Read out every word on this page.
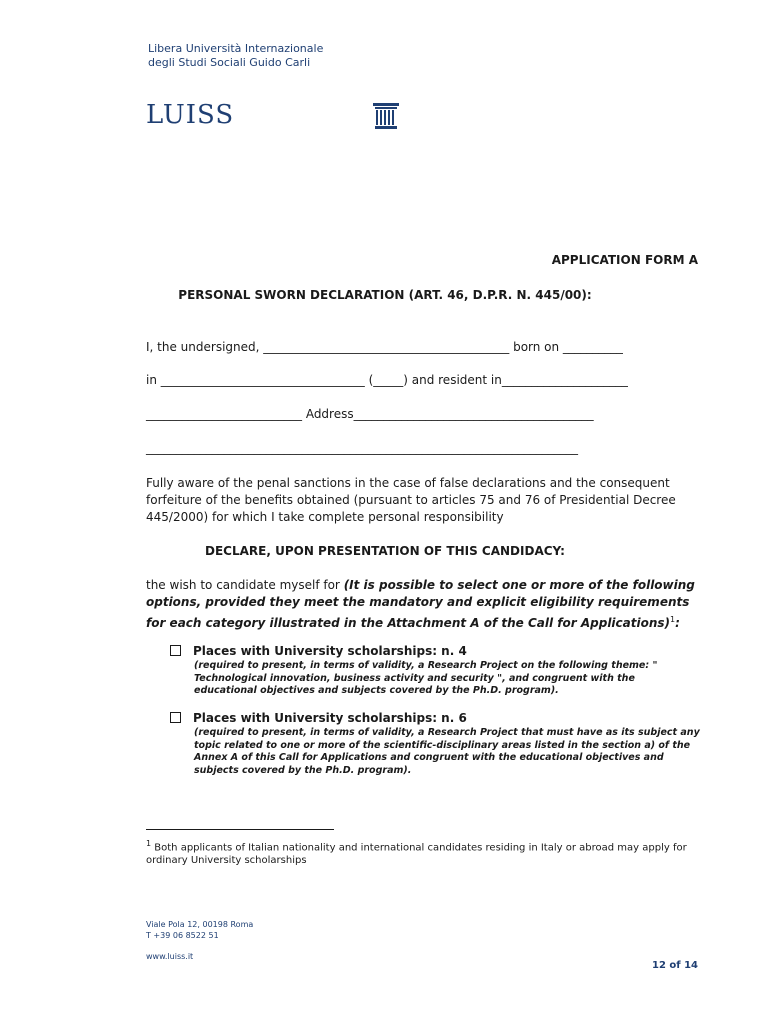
Libera Università Internazionale
degli Studi Sociali Guido Carli
LUISS
APPLICATION FORM A
PERSONAL SWORN DECLARATION (ART. 46, D.P.R. N. 445/00):
I, the undersigned, _________________________________________ born on __________
in __________________________________ (_____) and resident in_____________________
__________________________ Address________________________________________
________________________________________________________________________
Fully aware of the penal sanctions in the case of false declarations and the consequent forfeiture of the benefits obtained (pursuant to articles 75 and 76 of Presidential Decree 445/2000) for which I take complete personal responsibility
DECLARE, UPON PRESENTATION OF THIS CANDIDACY:
the wish to candidate myself for (It is possible to select one or more of the following options, provided they meet the mandatory and explicit eligibility requirements for each category illustrated in the Attachment A of the Call for Applications)$^1$:
Places with University scholarships: n. 4
(required to present, in terms of validity, a Research Project on the following theme: " Technological innovation, business activity and security ", and congruent with the educational objectives and subjects covered by the Ph.D. program).
Places with University scholarships: n. 6
(required to present, in terms of validity, a Research Project that must have as its subject any topic related to one or more of the scientific-disciplinary areas listed in the section a) of the Annex A of this Call for Applications and congruent with the educational objectives and subjects covered by the Ph.D. program).
$^1$ Both applicants of Italian nationality and international candidates residing in Italy or abroad may apply for ordinary University scholarships
Viale Pola 12, 00198 Roma
T +39 06 8522 51
www.luiss.it
12 of 14
